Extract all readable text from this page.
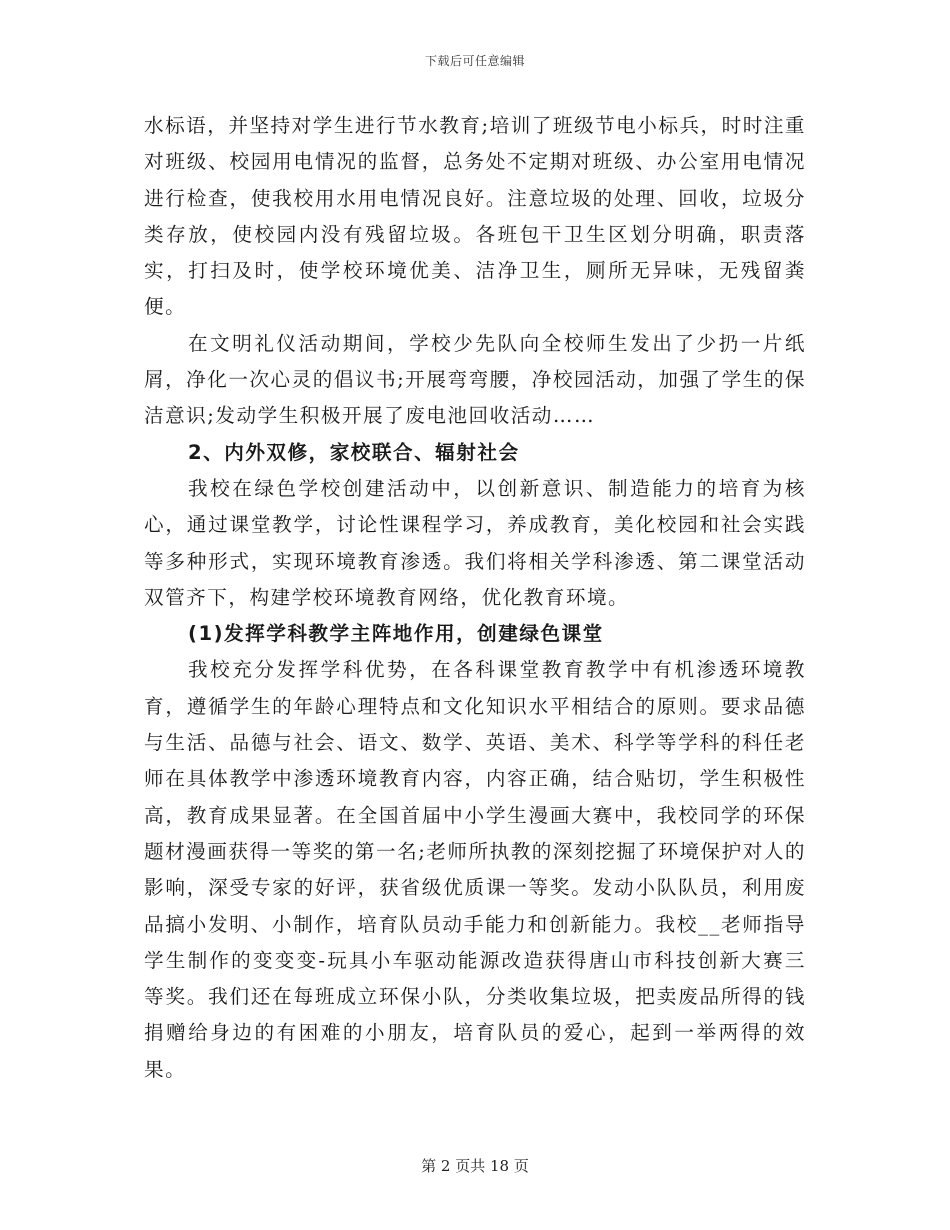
下载后可任意编辑

水标语，并坚持对学生进行节水教育;培训了班级节电小标兵，时时注重对班级、校园用电情况的监督，总务处不定期对班级、办公室用电情况进行检查，使我校用水用电情况良好。注意垃圾的处理、回收，垃圾分类存放，使校园内没有残留垃圾。各班包干卫生区划分明确，职责落实，打扫及时，使学校环境优美、洁净卫生，厕所无异味，无残留粪便。

在文明礼仪活动期间，学校少先队向全校师生发出了少扔一片纸屑，净化一次心灵的倡议书;开展弯弯腰，净校园活动，加强了学生的保洁意识;发动学生积极开展了废电池回收活动……

2、内外双修，家校联合、辐射社会

我校在绿色学校创建活动中，以创新意识、制造能力的培育为核心，通过课堂教学，讨论性课程学习，养成教育，美化校园和社会实践等多种形式，实现环境教育渗透。我们将相关学科渗透、第二课堂活动双管齐下，构建学校环境教育网络，优化教育环境。

(1)发挥学科教学主阵地作用，创建绿色课堂

我校充分发挥学科优势，在各科课堂教育教学中有机渗透环境教育，遵循学生的年龄心理特点和文化知识水平相结合的原则。要求品德与生活、品德与社会、语文、数学、英语、美术、科学等学科的科任老师在具体教学中渗透环境教育内容，内容正确，结合贴切，学生积极性高，教育成果显著。在全国首届中小学生漫画大赛中，我校同学的环保题材漫画获得一等奖的第一名;老师所执教的深刻挖掘了环境保护对人的影响，深受专家的好评，获省级优质课一等奖。发动小队队员，利用废品搞小发明、小制作，培育队员动手能力和创新能力。我校__老师指导学生制作的变变变-玩具小车驱动能源改造获得唐山市科技创新大赛三等奖。我们还在每班成立环保小队，分类收集垃圾，把卖废品所得的钱捐赠给身边的有困难的小朋友，培育队员的爱心，起到一举两得的效果。

第 2 页共 18 页
